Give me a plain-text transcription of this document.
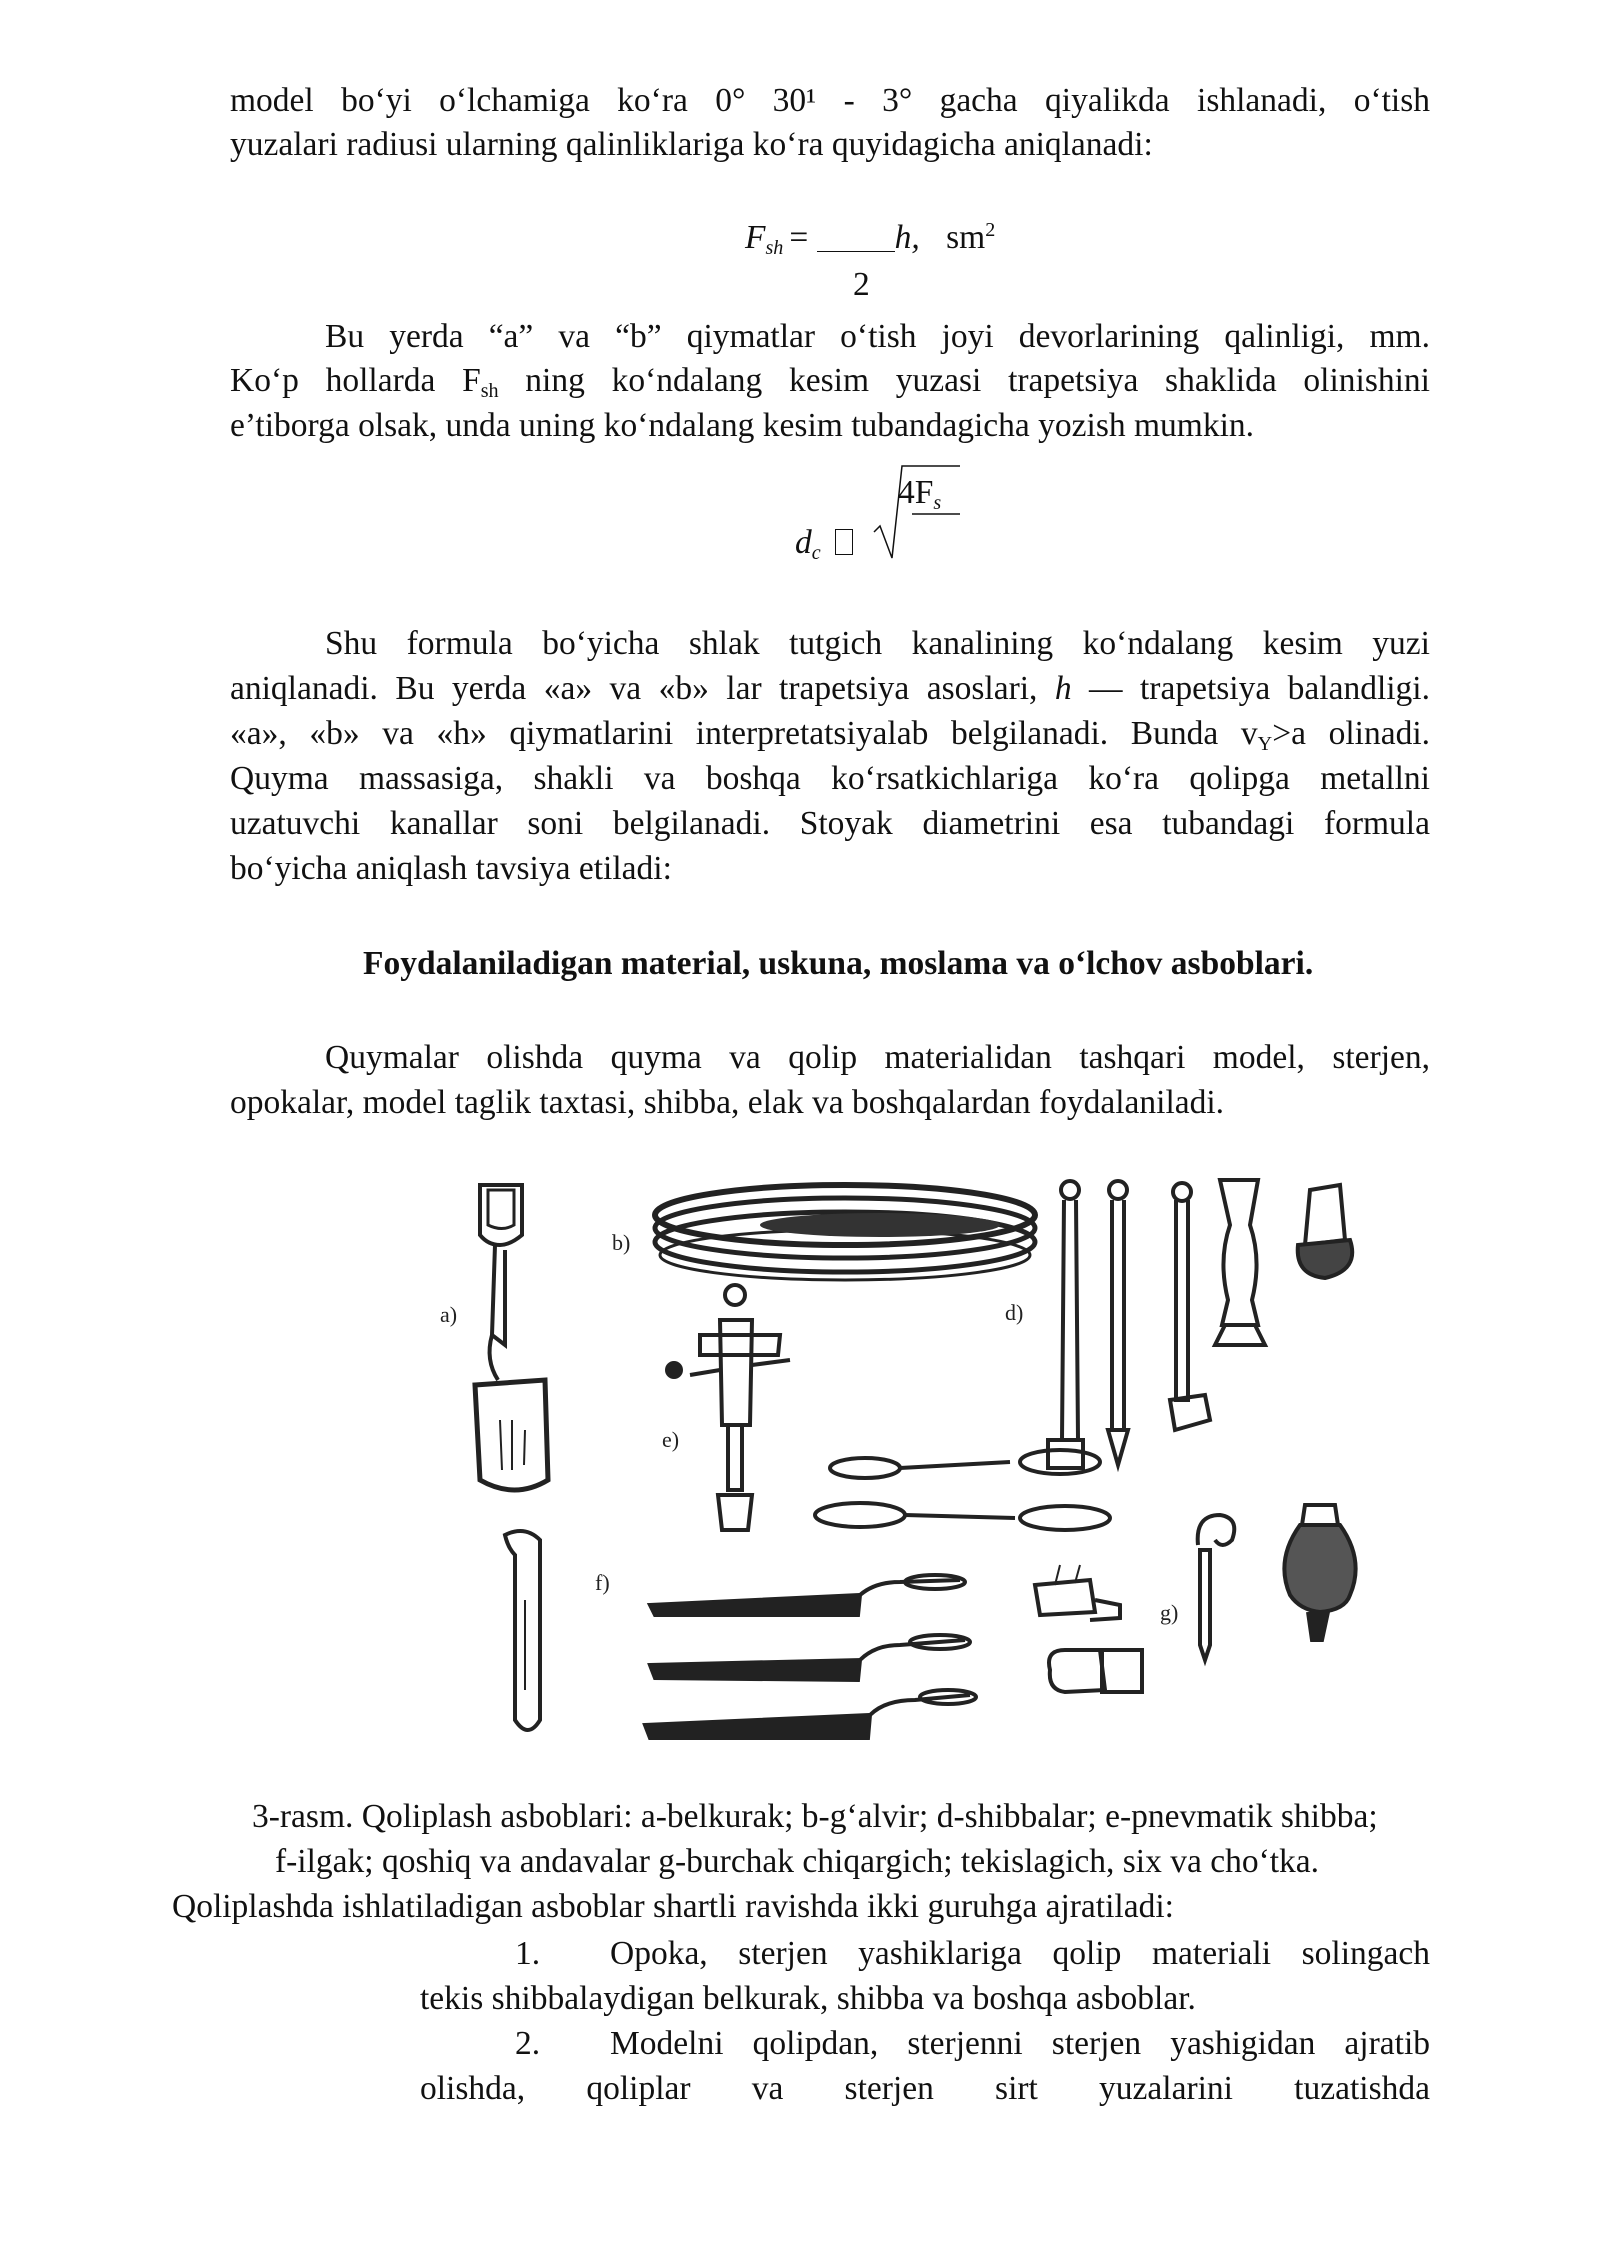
model bo‘yi o‘lchamiga ko‘ra 0° 30¹ - 3° gacha qiyalikda ishlanadi, o‘tish
yuzalari radiusi ularning qalinliklariga ko‘ra quyidagicha aniqlanadi:
$F_{sh}$ =	h, $sm^2$
2
Bu yerda “a” va “b” qiymatlar o‘tish joyi devorlarining qalinligi, mm.
Ko‘p hollarda $F_{sh}$ ning ko‘ndalang kesim yuzasi trapetsiya shaklida olinishini
e’tiborga olsak, unda uning ko‘ndalang kesim tubandagicha yozish mumkin.
$d_c$
$4F_s$
Shu formula bo‘yicha shlak tutgich kanalining ko‘ndalang kesim yuzi
aniqlanadi. Bu yerda «a» va «b» lar trapetsiya asoslari, h — trapetsiya balandligi.
«a», «b» va «h» qiymatlarini interpretatsiyalab belgilanadi. Bunda $v_Y>a$ olinadi.
Quyma massasiga, shakli va boshqa ko‘rsatkichlariga ko‘ra qolipga metallni
uzatuvchi kanallar soni belgilanadi. Stoyak diametrini esa tubandagi formula
bo‘yicha aniqlash tavsiya etiladi:
Foydalaniladigan material, uskuna, moslama va o‘lchov asboblari.
Quymalar olishda quyma va qolip materialidan tashqari model, sterjen,
opokalar, model taglik taxtasi, shibba, elak va boshqalardan foydalaniladi.
a)
b)
d)
e)
f)
g)
3-rasm. Qoliplash asboblari: a-belkurak; b-g‘alvir; d-shibbalar; e-pnevmatik shibba;
f-ilgak; qoshiq va andavalar g-burchak chiqargich; tekislagich, six va cho‘tka.
Qoliplashda ishlatiladigan asboblar shartli ravishda ikki guruhga ajratiladi:
1. Opoka, sterjen yashiklariga qolip materiali solingach
tekis shibbalaydigan belkurak, shibba va boshqa asboblar.
2. Modelni qolipdan, sterjenni sterjen yashigidan ajratib
olishda, qoliplar va sterjen sirt yuzalarini tuzatishda
